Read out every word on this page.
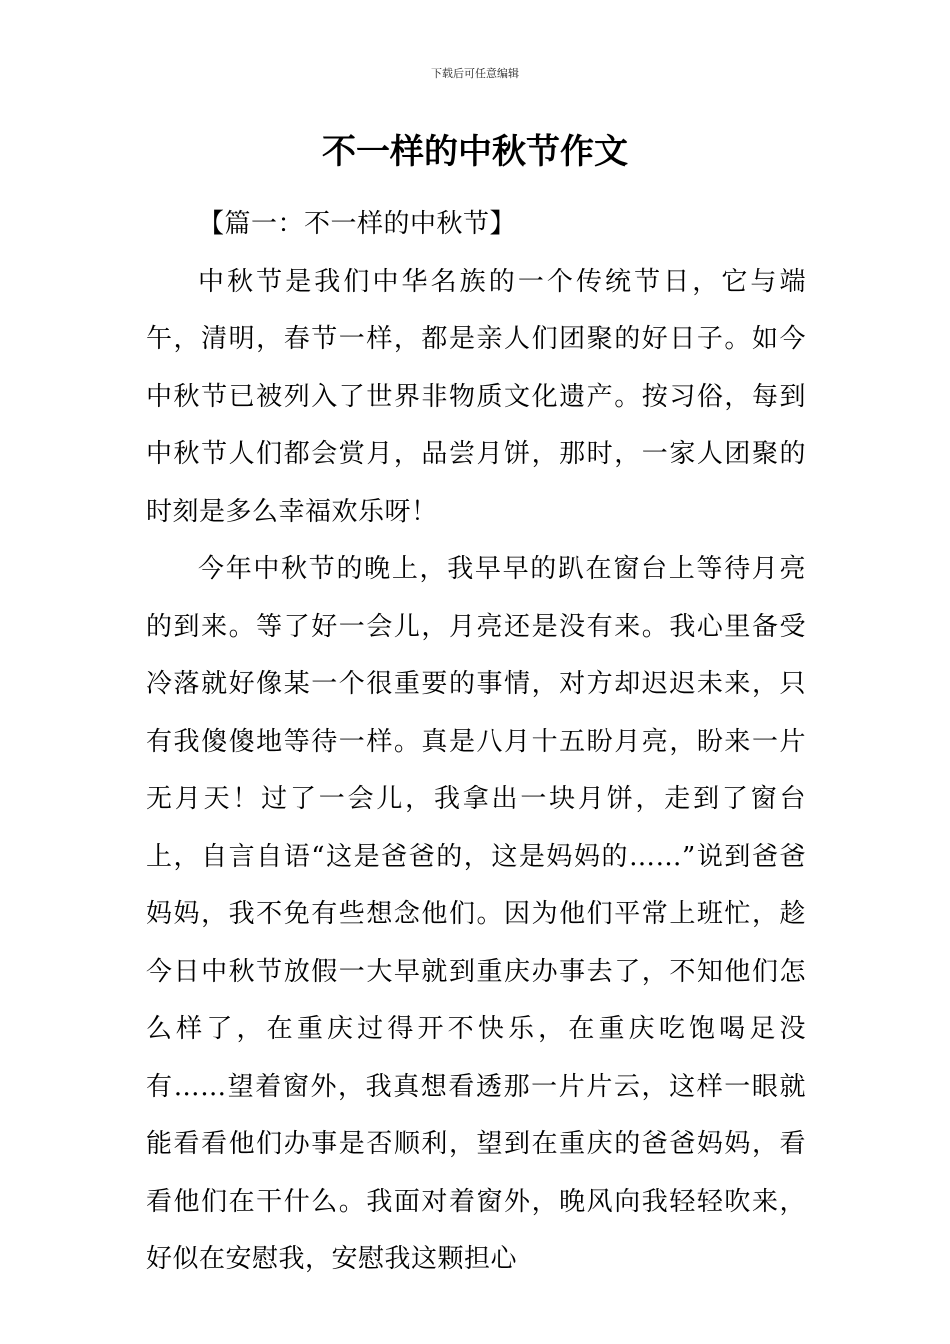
下载后可任意编辑
不一样的中秋节作文

【篇一：不一样的中秋节】

中秋节是我们中华名族的一个传统节日，它与端午，清明，春节一样，都是亲人们团聚的好日子。如今中秋节已被列入了世界非物质文化遗产。按习俗，每到中秋节人们都会赏月，品尝月饼，那时，一家人团聚的时刻是多么幸福欢乐呀！

今年中秋节的晚上，我早早的趴在窗台上等待月亮的到来。等了好一会儿，月亮还是没有来。我心里备受冷落就好像某一个很重要的事情，对方却迟迟未来，只有我傻傻地等待一样。真是八月十五盼月亮，盼来一片无月天！过了一会儿，我拿出一块月饼，走到了窗台上，自言自语“这是爸爸的，这是妈妈的……”说到爸爸妈妈，我不免有些想念他们。因为他们平常上班忙，趁今日中秋节放假一大早就到重庆办事去了，不知他们怎么样了，在重庆过得开不快乐，在重庆吃饱喝足没有……望着窗外，我真想看透那一片片云，这样一眼就能看看他们办事是否顺利，望到在重庆的爸爸妈妈，看看他们在干什么。我面对着窗外，晚风向我轻轻吹来，好似在安慰我，安慰我这颗担心
